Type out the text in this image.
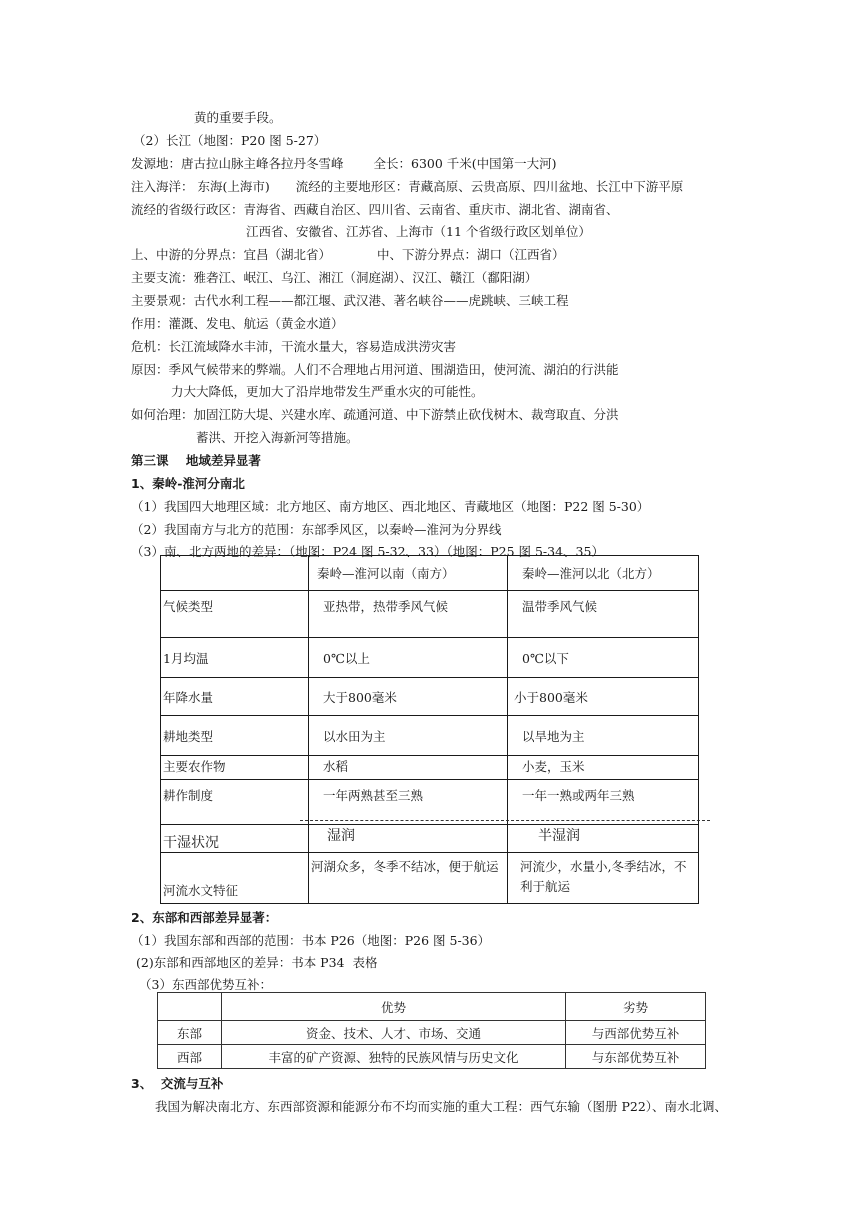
黄的重要手段。
（2）长江（地图：P20 图 5-27）
发源地：唐古拉山脉主峰各拉丹冬雪峰 全长：6300 千米(中国第一大河)
注入海洋： 东海(上海市) 流经的主要地形区：青藏高原、云贵高原、四川盆地、长江中下游平原
流经的省级行政区：青海省、西藏自治区、四川省、云南省、重庆市、湖北省、湖南省、
江西省、安徽省、江苏省、上海市（11 个省级行政区划单位）
上、中游的分界点：宜昌（湖北省）	中、下游分界点：湖口（江西省）
主要支流：雅砻江、岷江、乌江、湘江（洞庭湖）、汉江、赣江（鄱阳湖）
主要景观：古代水利工程——都江堰、武汉港、著名峡谷——虎跳峡、三峡工程
作用：灌溉、发电、航运（黄金水道）
危机：长江流域降水丰沛，干流水量大，容易造成洪涝灾害
原因：季风气候带来的弊端。人们不合理地占用河道、围湖造田，使河流、湖泊的行洪能
力大大降低，更加大了沿岸地带发生严重水灾的可能性。
如何治理：加固江防大堤、兴建水库、疏通河道、中下游禁止砍伐树木、裁弯取直、分洪
蓄洪、开挖入海新河等措施。
第三课    地域差异显著
1、秦岭-淮河分南北
（1）我国四大地理区域：北方地区、南方地区、西北地区、青藏地区（地图：P22 图 5-30）
（2）我国南方与北方的范围：东部季风区，以秦岭—淮河为分界线
（3）南、北方两地的差异：（地图：P24 图 5-32、33）（地图：P25 图 5-34、35）
	秦岭—淮河以南（南方）	秦岭—淮河以北（北方）
气候类型	亚热带，热带季风气候	温带季风气候
1月均温	0℃以上	0℃以下
年降水量	大于800毫米	小于800毫米
耕地类型	以水田为主	以旱地为主
主要农作物	水稻	小麦，玉米
耕作制度	一年两熟甚至三熟	一年一熟或两年三熟
干湿状况	湿润	半湿润
河流水文特征	河湖众多，冬季不结冰，便于航运	河流少，水量小,冬季结冰，不利于航运
2、东部和西部差异显著：
（1）我国东部和西部的范围：书本 P26（地图：P26 图 5-36）
(2)东部和西部地区的差异：书本 P34  表格
（3）东西部优势互补：
	优势	劣势
东部	资金、技术、人才、市场、交通	与西部优势互补
西部	丰富的矿产资源、独特的民族风情与历史文化	与东部优势互补
3、  交流与互补
我国为解决南北方、东西部资源和能源分布不均而实施的重大工程：西气东输（图册 P22）、南水北调、
